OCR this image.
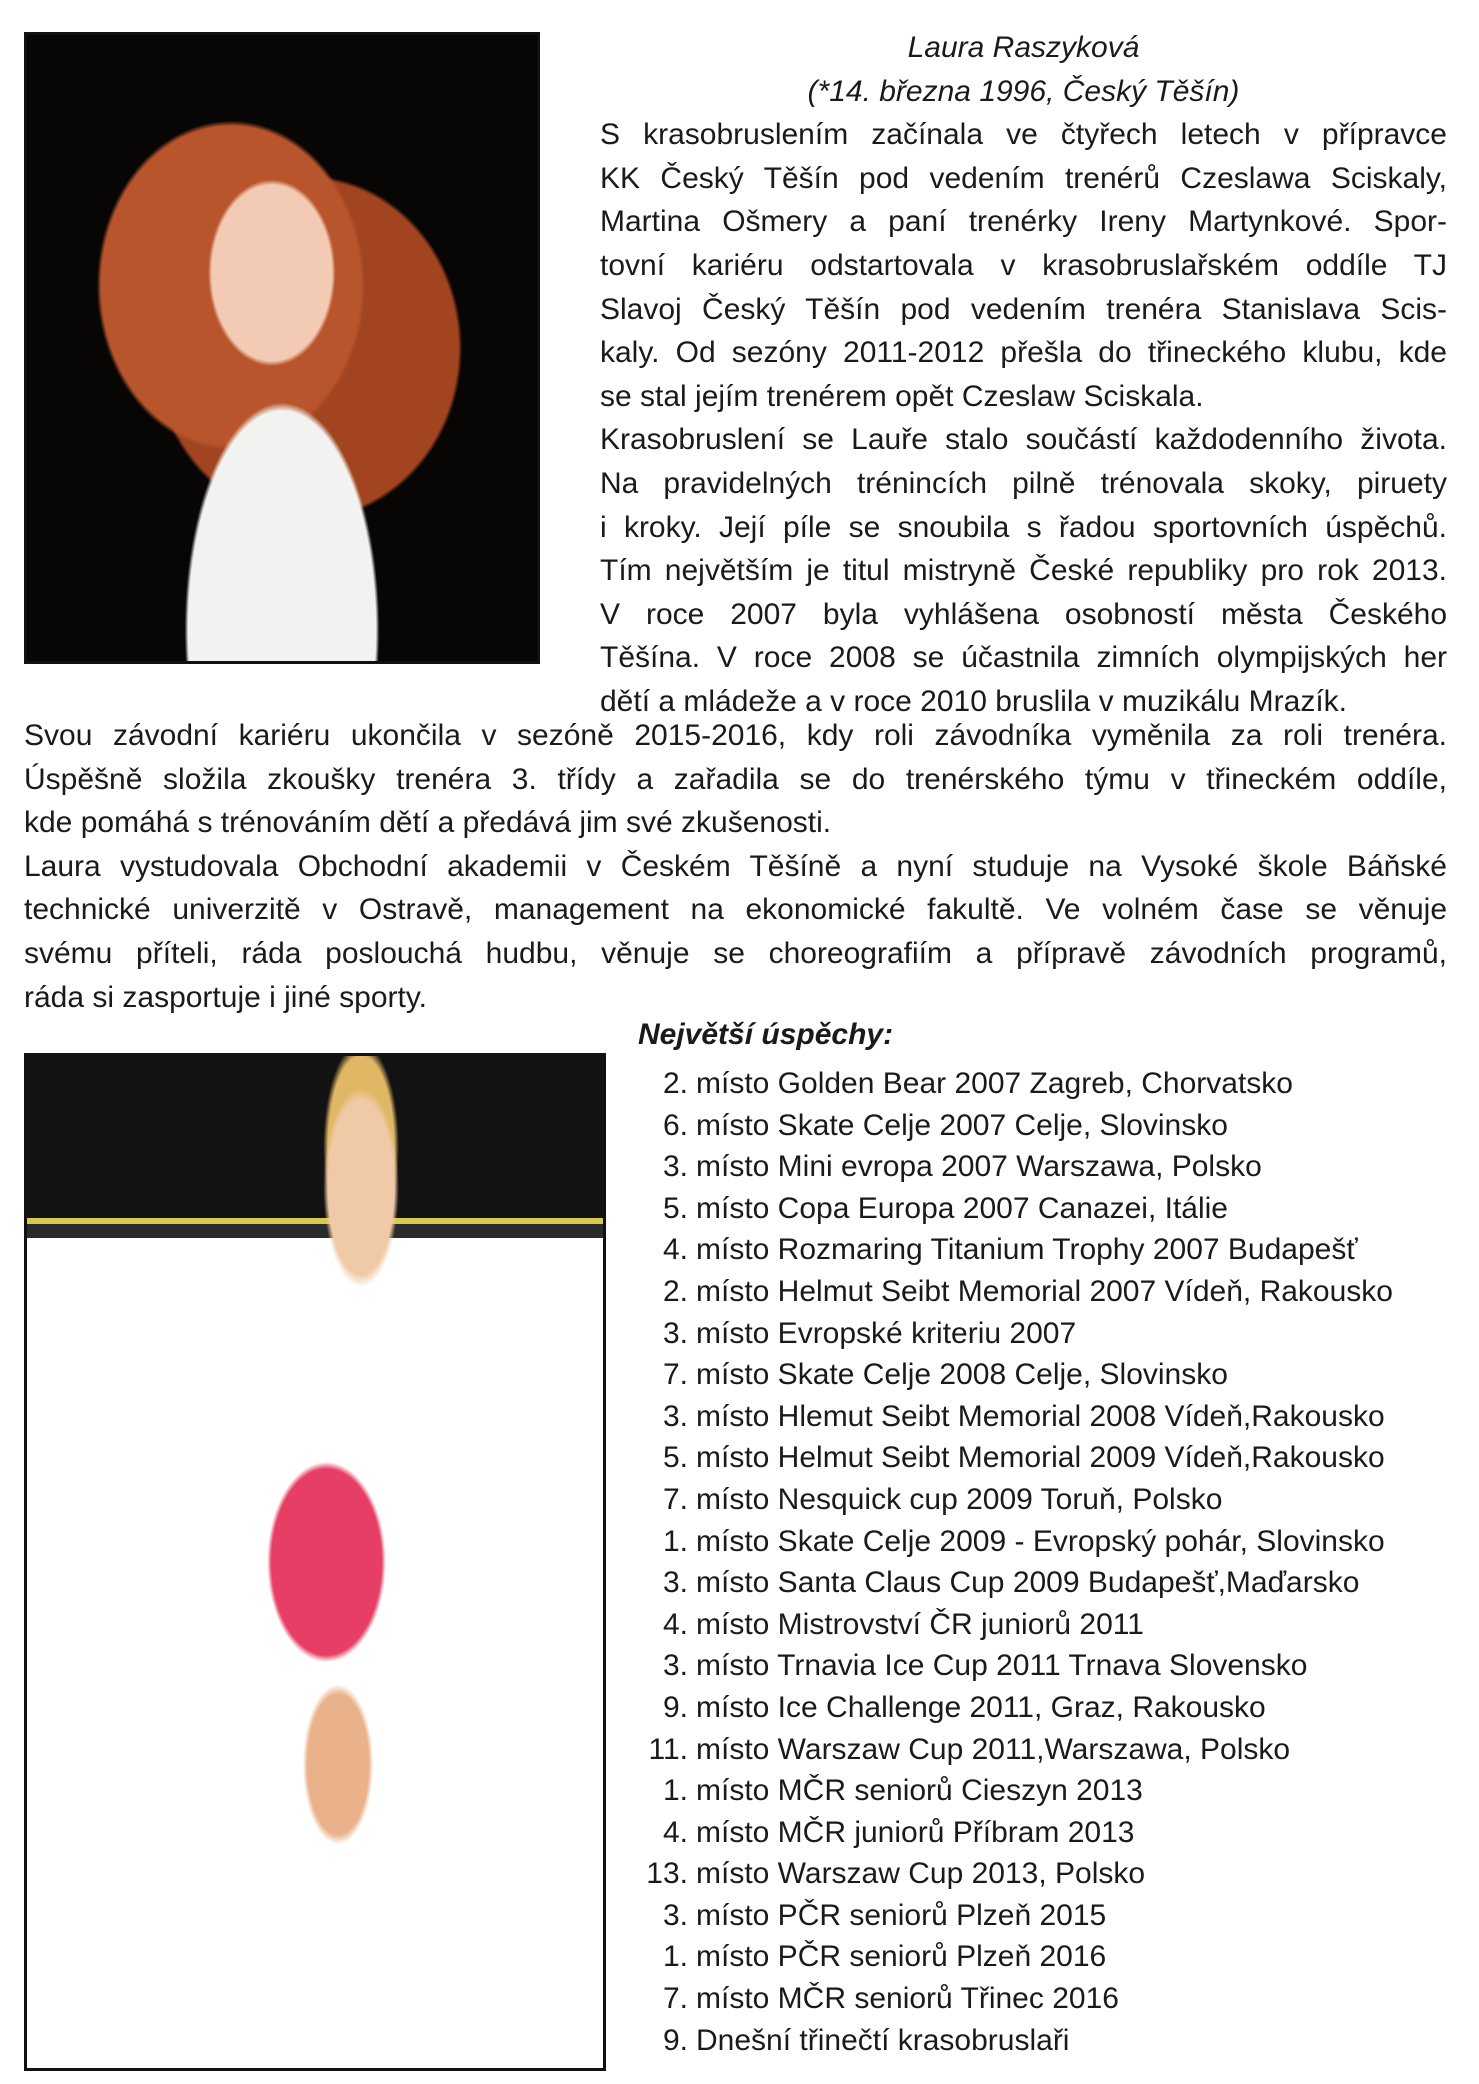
Laura Raszyková
(*14. března 1996, Český Těšín)
S krasobruslením začínala ve čtyřech letech v přípravce
KK Český Těšín pod vedením trenérů Czeslawa Sciskaly,
Martina Ošmery a paní trenérky Ireny Martynkové. Spor-
tovní kariéru odstartovala v krasobruslařském oddíle TJ
Slavoj Český Těšín pod vedením trenéra Stanislava Scis-
kaly. Od sezóny 2011-2012 přešla do třineckého klubu, kde
se stal jejím trenérem opět Czeslaw Sciskala.
Krasobruslení se Lauře stalo součástí každodenního života.
Na pravidelných trénincích pilně trénovala skoky, piruety
i kroky. Její píle se snoubila s řadou sportovních úspěchů.
Tím největším je titul mistryně České republiky pro rok 2013.
V roce 2007 byla vyhlášena osobností města Českého
Těšína. V roce 2008 se účastnila zimních olympijských her
dětí a mládeže a v roce 2010 bruslila v muzikálu Mrazík.
Svou závodní kariéru ukončila v sezóně 2015-2016, kdy roli závodníka vyměnila za roli trenéra.
Úspěšně složila zkoušky trenéra 3. třídy a zařadila se do trenérského týmu v třineckém oddíle,
kde pomáhá s trénováním dětí a předává jim své zkušenosti.
Laura vystudovala Obchodní akademii v Českém Těšíně a nyní studuje na Vysoké škole Báňské
technické univerzitě v Ostravě, management na ekonomické fakultě. Ve volném čase se věnuje
svému příteli, ráda poslouchá hudbu, věnuje se choreografiím a přípravě závodních programů,
ráda si zasportuje i jiné sporty.
Největší úspěchy:
2. místo Golden Bear 2007 Zagreb, Chorvatsko
6. místo Skate Celje 2007 Celje, Slovinsko
3. místo Mini evropa 2007 Warszawa, Polsko
5. místo Copa Europa 2007 Canazei, Itálie
4. místo Rozmaring Titanium Trophy 2007 Budapešť
2. místo Helmut Seibt Memorial 2007 Vídeň, Rakousko
3. místo Evropské kriteriu 2007
7. místo Skate Celje 2008 Celje, Slovinsko
3. místo Hlemut Seibt Memorial 2008 Vídeň,Rakousko
5. místo Helmut Seibt Memorial 2009 Vídeň,Rakousko
7. místo Nesquick cup 2009 Toruň, Polsko
1. místo Skate Celje 2009 - Evropský pohár, Slovinsko
3. místo Santa Claus Cup 2009 Budapešť,Maďarsko
4. místo Mistrovství ČR juniorů 2011
3. místo Trnavia Ice Cup 2011 Trnava Slovensko
9. místo Ice Challenge 2011, Graz, Rakousko
11. místo Warszaw Cup 2011,Warszawa, Polsko
1. místo MČR seniorů Cieszyn 2013
4. místo MČR juniorů Příbram 2013
13. místo Warszaw Cup 2013, Polsko
3. místo PČR seniorů Plzeň 2015
1. místo PČR seniorů Plzeň 2016
7. místo MČR seniorů Třinec 2016
9. Dnešní třinečtí krasobruslaři
